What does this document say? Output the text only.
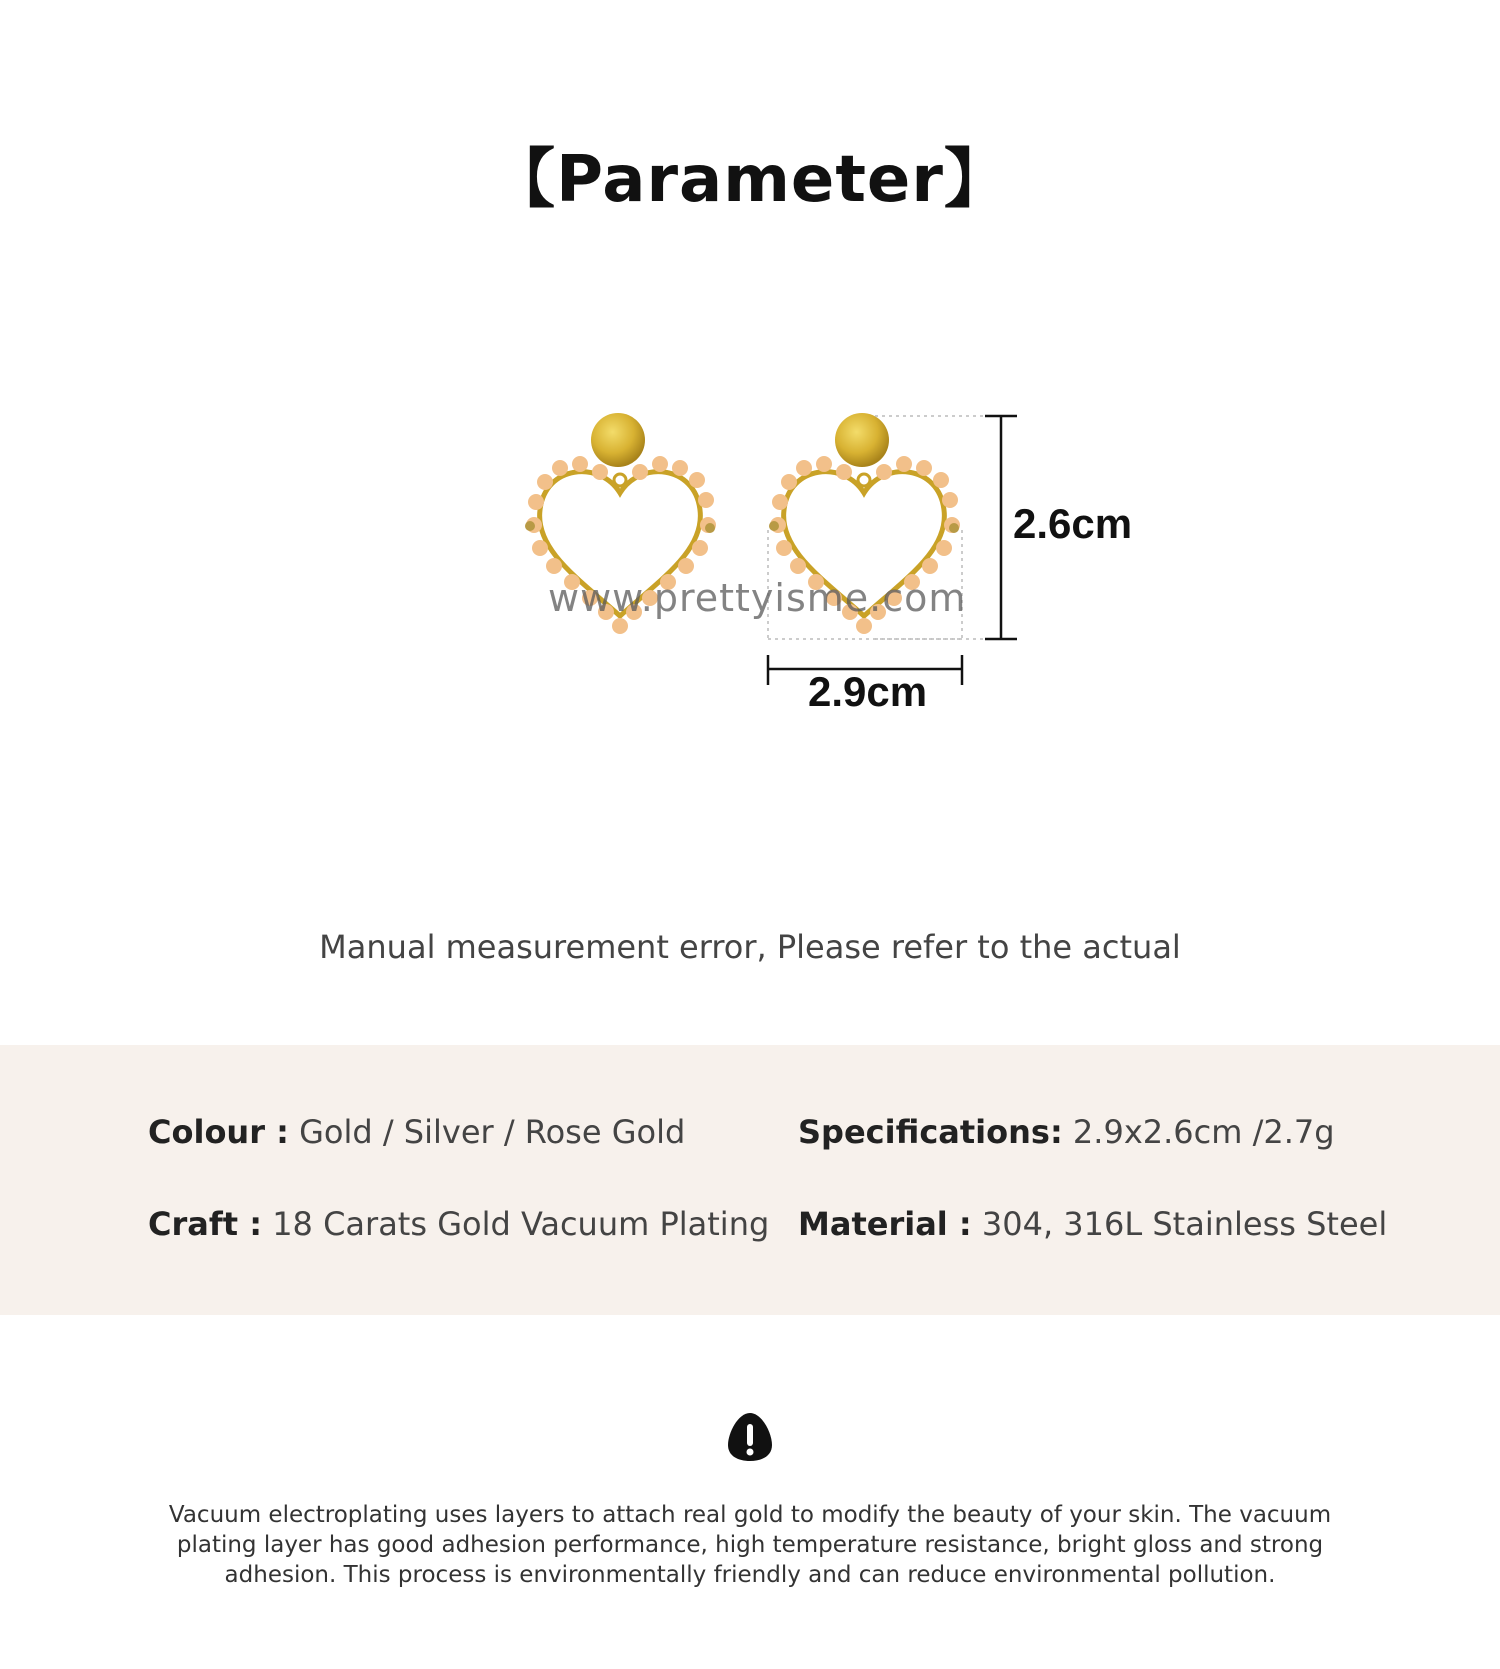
【Parameter】
www.prettyisme.com
2.6cm
2.9cm
Manual measurement error, Please refer to the actual
Colour : Gold / Silver / Rose Gold	Specifications: 2.9x2.6cm /2.7g
Craft : 18 Carats Gold Vacuum Plating Material : 304, 316L Stainless Steel
Vacuum electroplating uses layers to attach real gold to modify the beauty of your skin. The vacuum plating layer has good adhesion performance, high temperature resistance, bright gloss and strong adhesion. This process is environmentally friendly and can reduce environmental pollution.
